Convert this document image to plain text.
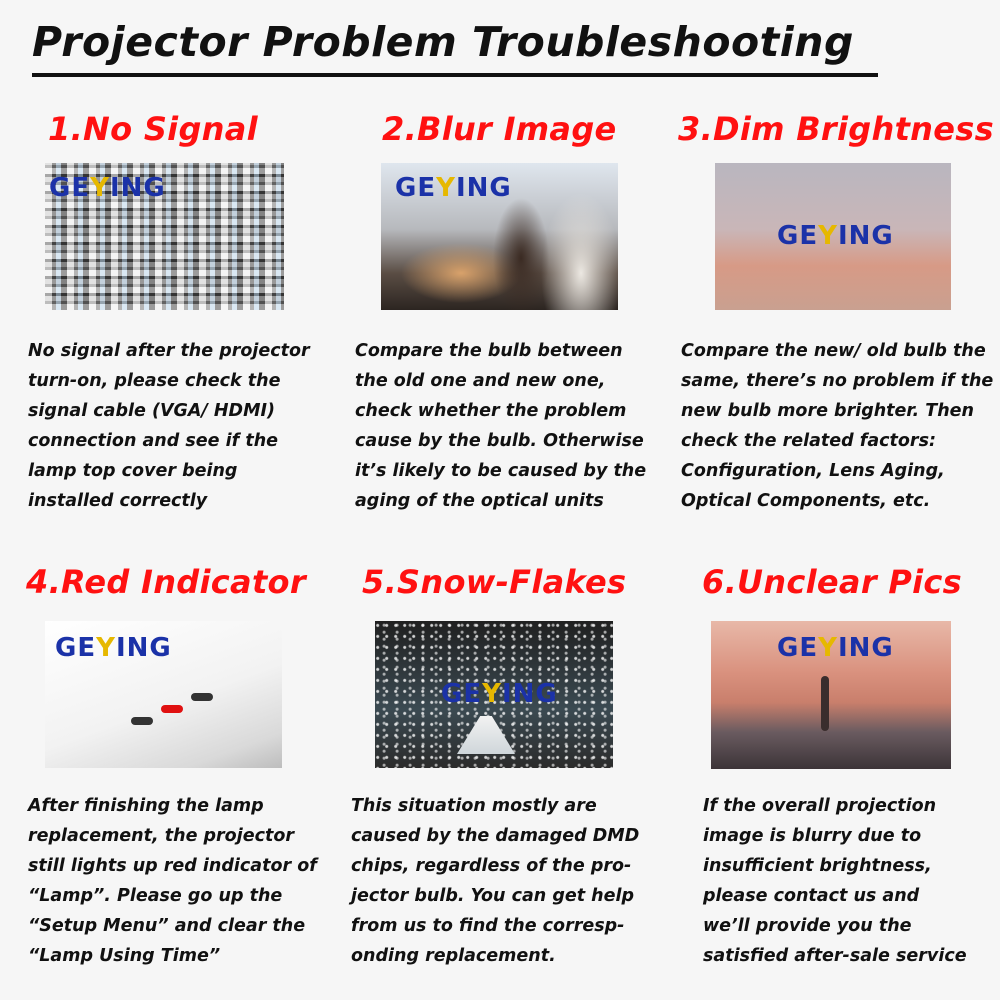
Projector Problem Troubleshooting
1.No Signal
GEYING

No signal after the projector
turn-on, please check the
signal cable (VGA/ HDMI)
connection and see if the
lamp top cover being
installed correctly

2.Blur Image
GEYING

Compare the bulb between
the old one and new one,
check whether the problem
cause by the bulb. Otherwise
it’s likely to be caused by the
aging of the optical units

3.Dim Brightness
GEYING

Compare the new/ old bulb the
same, there’s no problem if the
new bulb more brighter. Then
check the related factors:
Configuration, Lens Aging,
Optical Components, etc.

4.Red Indicator
GEYING

After finishing the lamp
replacement, the projector
still lights up red indicator of
“Lamp”. Please go up the
“Setup Menu” and clear the
“Lamp Using Time”

5.Snow-Flakes
GEYING

This situation mostly are
caused by the damaged DMD
chips, regardless of the pro-
jector bulb. You can get help
from us to find the corresp-
onding replacement.

6.Unclear Pics
GEYING

If the overall projection
image is blurry due to
insufficient brightness,
please contact us and
we’ll provide you the
satisfied after-sale service
